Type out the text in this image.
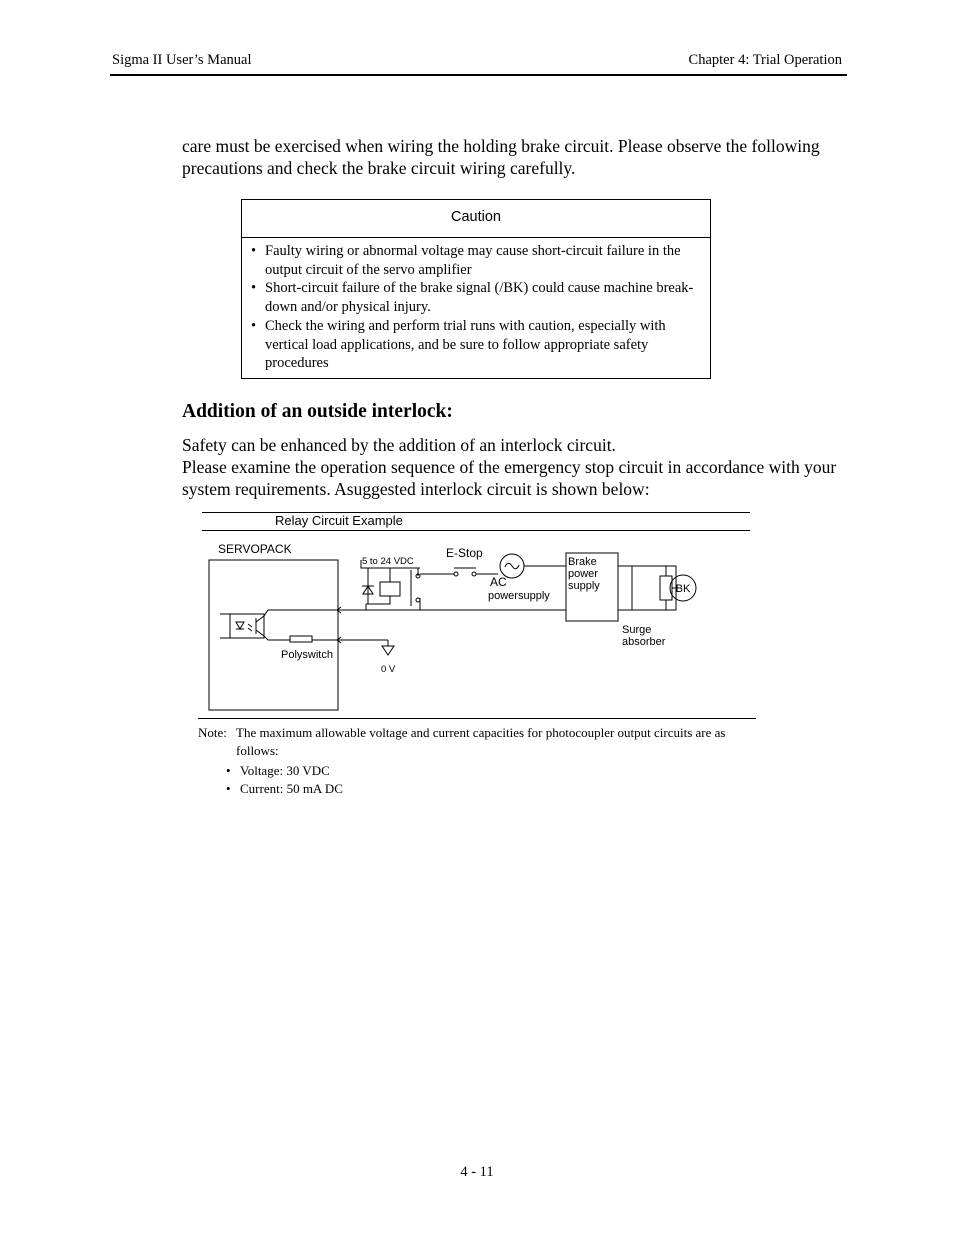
Sigma II User’s Manual	Chapter 4: Trial Operation

care must be exercised when wiring the holding brake circuit. Please observe the following precautions and check the brake circuit wiring carefully.

Caution
• Faulty wiring or abnormal voltage may cause short-circuit failure in the output circuit of the servo amplifier
• Short-circuit failure of the brake signal (/BK) could cause machine break-down and/or physical injury.
• Check the wiring and perform trial runs with caution, especially with vertical load applications, and be sure to follow appropriate safety procedures
Addition of an outside interlock:

Safety can be enhanced by the addition of an interlock circuit.

Please examine the operation sequence of the emergency stop circuit in accordance with your system requirements. Asuggested interlock circuit is shown below:

Relay Circuit Example
SERVOPACK
5 to 24 VDC
E-Stop
AC
powersupply
Brake
power
supply	BK
Surge
absorber
Polyswitch
0 V
Note: The maximum allowable voltage and current capacities for photocoupler output circuits are as follows:
• Voltage: 30 VDC
• Current: 50 mA DC
4 - 11
